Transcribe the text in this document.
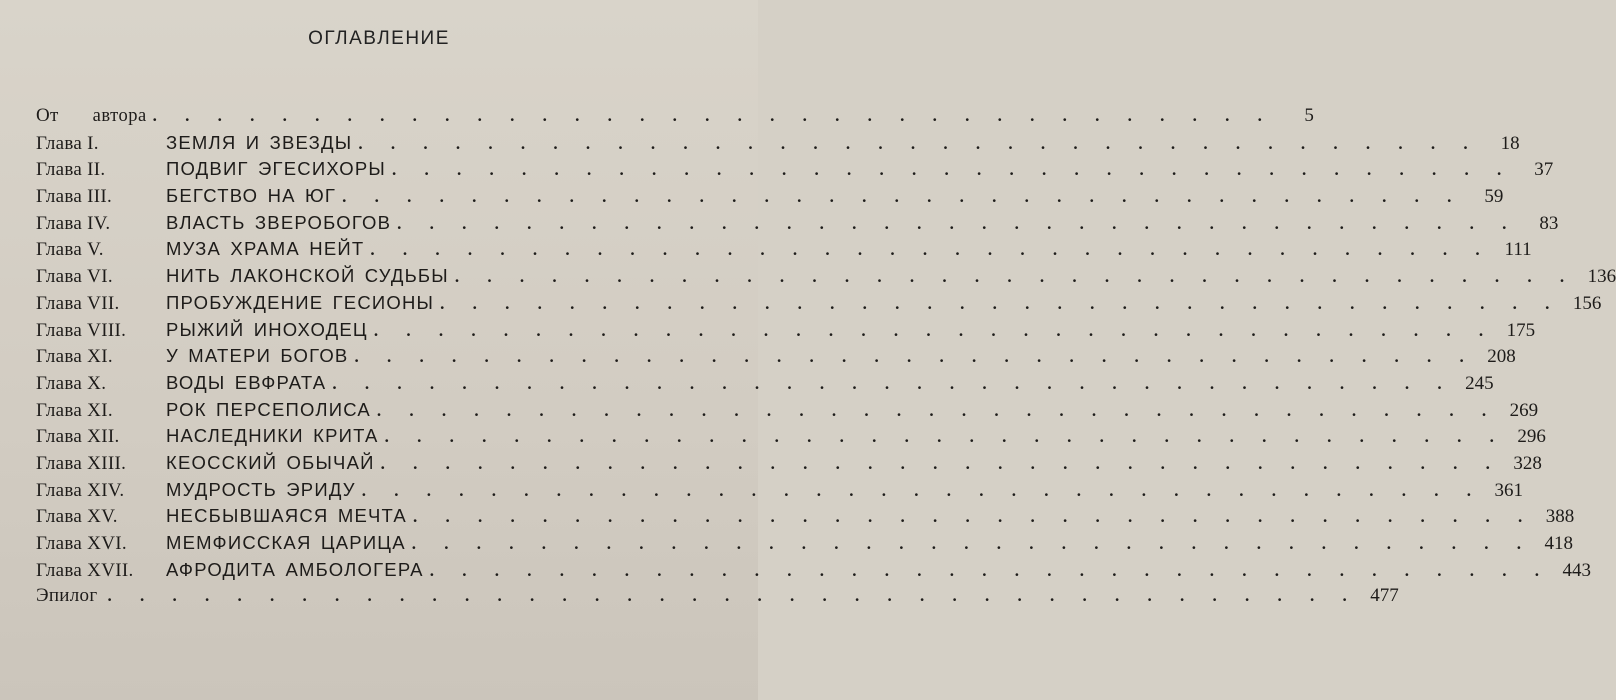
ОГЛАВЛЕНИЕ
От автора . . . . . . . . . . . . . . . . . . . . . . . . . . . . . . . . . . .	5
Глава I.	ЗЕМЛЯ И ЗВЕЗДЫ . . . . . . . . . . . . . . . . . . . . . . . . . . . . . . . . . . .	18
Глава II.	ПОДВИГ ЭГЕСИХОРЫ . . . . . . . . . . . . . . . . . . . . . . . . . . . . . . . . . . .	37
Глава III.	БЕГСТВО НА ЮГ . . . . . . . . . . . . . . . . . . . . . . . . . . . . . . . . . . .	59
Глава IV.	ВЛАСТЬ ЗВЕРОБОГОВ . . . . . . . . . . . . . . . . . . . . . . . . . . . . . . . . . . .	83
Глава V.	МУЗА ХРАМА НЕЙТ . . . . . . . . . . . . . . . . . . . . . . . . . . . . . . . . . . . 111
Глава VI.	НИТЬ ЛАКОНСКОЙ СУДЬБЫ . . . . . . . . . . . . . . . . . . . . . . . . . . . . . . . . . . . 136
Глава VII.	ПРОБУЖДЕНИЕ ГЕСИОНЫ . . . . . . . . . . . . . . . . . . . . . . . . . . . . . . . . . . . 156
Глава VIII.	РЫЖИЙ ИНОХОДЕЦ . . . . . . . . . . . . . . . . . . . . . . . . . . . . . . . . . . . 175
Глава XI.	У МАТЕРИ БОГОВ . . . . . . . . . . . . . . . . . . . . . . . . . . . . . . . . . . . 208
Глава X.	ВОДЫ ЕВФРАТА . . . . . . . . . . . . . . . . . . . . . . . . . . . . . . . . . . . 245
Глава XI.	РОК ПЕРСЕПОЛИСА . . . . . . . . . . . . . . . . . . . . . . . . . . . . . . . . . . . 269
Глава XII.	НАСЛЕДНИКИ КРИТА . . . . . . . . . . . . . . . . . . . . . . . . . . . . . . . . . . . 296
Глава XIII.	КЕОССКИЙ ОБЫЧАЙ . . . . . . . . . . . . . . . . . . . . . . . . . . . . . . . . . . . 328
Глава XIV.	МУДРОСТЬ ЭРИДУ . . . . . . . . . . . . . . . . . . . . . . . . . . . . . . . . . . . 361
Глава XV.	НЕСБЫВШАЯСЯ МЕЧТА . . . . . . . . . . . . . . . . . . . . . . . . . . . . . . . . . . . 388
Глава XVI.	МЕМФИССКАЯ ЦАРИЦА . . . . . . . . . . . . . . . . . . . . . . . . . . . . . . . . . . . 418
Глава XVII.	АФРОДИТА АМБОЛОГЕРА . . . . . . . . . . . . . . . . . . . . . . . . . . . . . . . . . . . 443
Эпилог . . . . . . . . . . . . . . . . . . . . . . . . . . . . . . . . . . . . . . . 477
